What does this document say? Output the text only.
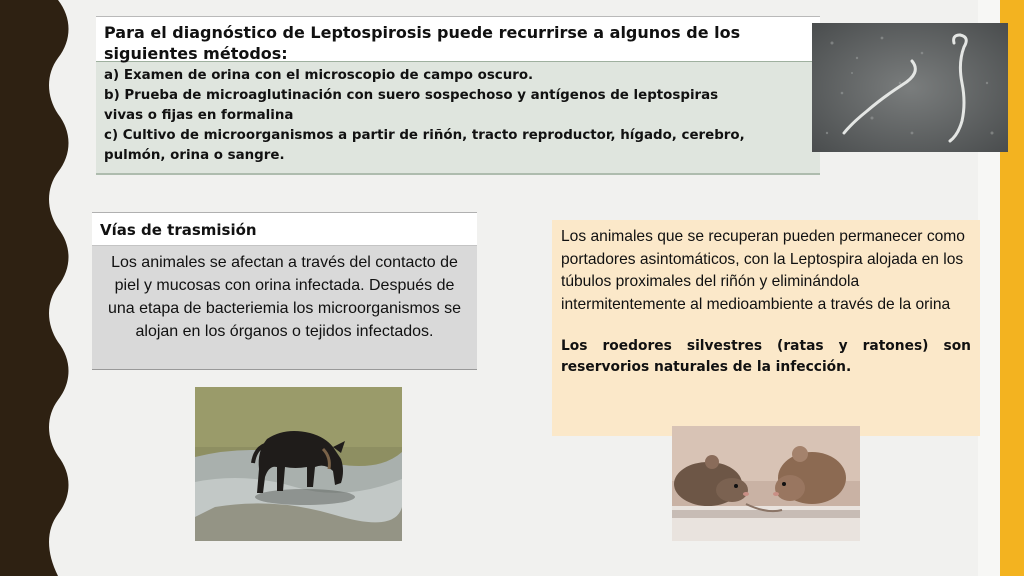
Para el diagnóstico de Leptospirosis puede recurrirse a algunos de los siguientes métodos:
a) Examen de orina con el microscopio de campo oscuro.
b) Prueba de microaglutinación con suero sospechoso y antígenos de leptospiras
vivas o fijas en formalina
c) Cultivo de microorganismos a partir de riñón, tracto reproductor, hígado, cerebro,
pulmón, orina o sangre.
Vías de trasmisión
Los animales se afectan a través del contacto de piel y mucosas con orina infectada. Después de una etapa de bacteriemia los microorganismos se alojan en los órganos o tejidos infectados.

Los animales que se recuperan pueden permanecer como portadores asintomáticos, con la Leptospira alojada en los túbulos proximales del riñón y eliminándola intermitentemente al medioambiente a través de la orina

Los roedores silvestres (ratas y ratones) son reservorios naturales de la infección.
